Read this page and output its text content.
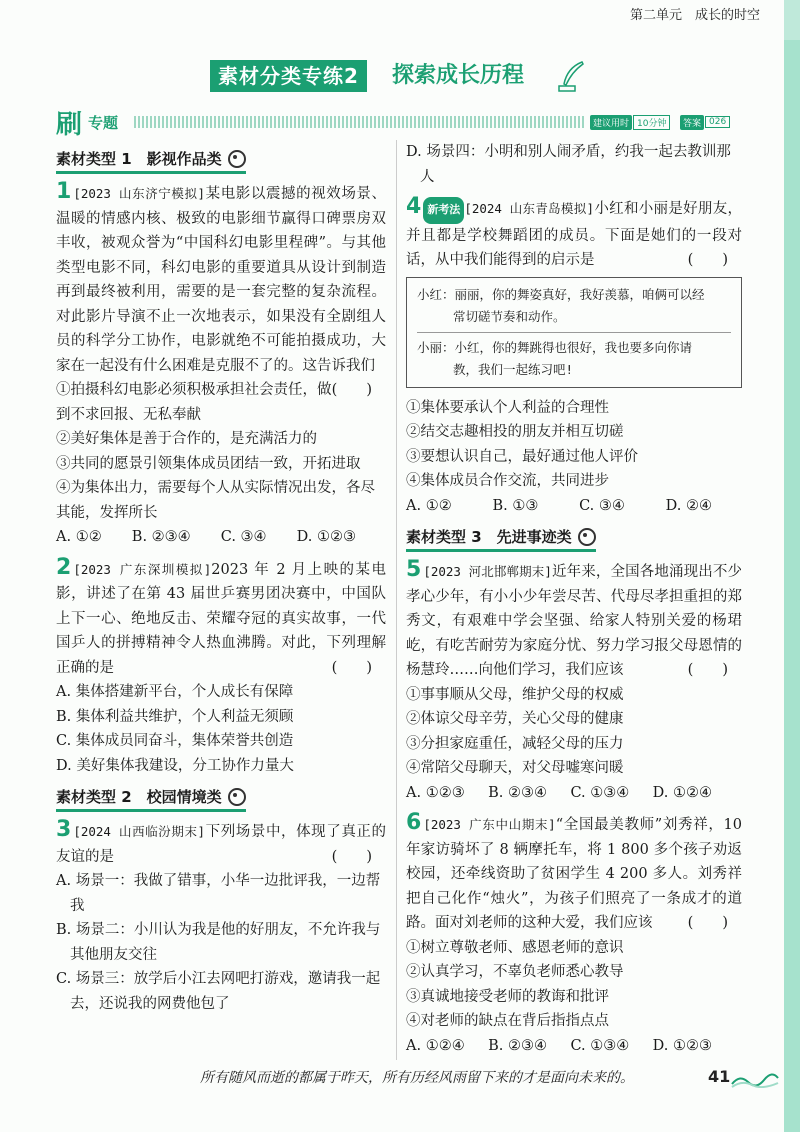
第二单元　成长的时空
素材分类专练2	探索成长历程
刷 专题	建议用时 10分钟	答案 026
素材类型 1　影视作品类

1 [2023 山东济宁模拟]某电影以震撼的视效场景、温暖的情感内核、极致的电影细节赢得口碑票房双丰收，被观众誉为“中国科幻电影里程碑”。与其他类型电影不同，科幻电影的重要道具从设计到制造再到最终被利用，需要的是一套完整的复杂流程。对此影片导演不止一次地表示，如果没有全剧组人员的科学分工协作，电影就绝不可能拍摄成功，大家在一起没有什么困难是克服不了的。这告诉我们
(　　)

①拍摄科幻电影必须积极承担社会责任，做到不求回报、无私奉献

②美好集体是善于合作的，是充满活力的

③共同的愿景引领集体成员团结一致，开拓进取

④为集体出力，需要每个人从实际情况出发，各尽其能，发挥所长

A. ①② B. ②③④ C. ③④ D. ①②③

2 [2023 广东深圳模拟]2023 年 2 月上映的某电影，讲述了在第 43 届世乒赛男团决赛中，中国队上下一心、绝地反击、荣耀夺冠的真实故事，一代国乒人的拼搏精神令人热血沸腾。对此，下列理解正确的是	(　　)

A. 集体搭建新平台，个人成长有保障

B. 集体利益共维护，个人利益无须顾

C. 集体成员同奋斗，集体荣誉共创造

D. 美好集体我建设，分工协作力量大

素材类型 2　校园情境类

3 [2024 山西临汾期末]下列场景中，体现了真正的友谊的是	(　　)

A. 场景一：我做了错事，小华一边批评我，一边帮我

B. 场景二：小川认为我是他的好朋友，不允许我与其他朋友交往

C. 场景三：放学后小江去网吧打游戏，邀请我一起去，还说我的网费他包了

D. 场景四：小明和别人闹矛盾，约我一起去教训那人

4 新考法 [2024 山东青岛模拟]小红和小丽是好朋友，并且都是学校舞蹈团的成员。下面是她们的一段对话，从中我们能得到的启示是	(　　)

小红：丽丽，你的舞姿真好，我好羡慕，咱俩可以经

常切磋节奏和动作。

小丽：小红，你的舞跳得也很好，我也要多向你请

教，我们一起练习吧!

①集体要承认个人利益的合理性

②结交志趣相投的朋友并相互切磋

③要想认识自己，最好通过他人评价

④集体成员合作交流，共同进步

A. ①②	B. ①③	C. ③④	D. ②④
素材类型 3　先进事迹类

5 [2023 河北邯郸期末]近年来，全国各地涌现出不少孝心少年，有小小少年尝尽苦、代母尽孝担重担的郑秀文，有艰难中学会坚强、给家人特别关爱的杨珺屹，有吃苦耐劳为家庭分忧、努力学习报父母恩情的杨慧玲……向他们学习，我们应该	(　　)

①事事顺从父母，维护父母的权威

②体谅父母辛劳，关心父母的健康

③分担家庭重任，减轻父母的压力

④常陪父母聊天，对父母嘘寒问暖

A. ①②③ B. ②③④ C. ①③④ D. ①②④

6 [2023 广东中山期末]“全国最美教师”刘秀祥，10 年家访骑坏了 8 辆摩托车，将 1 800 多个孩子劝返校园，还牵线资助了贫困学生 4 200 多人。刘秀祥把自己化作“烛火”，为孩子们照亮了一条成才的道路。面对刘老师的这种大爱，我们应该 (　　)

①树立尊敬老师、感恩老师的意识

②认真学习，不辜负老师悉心教导

③真诚地接受老师的教诲和批评

④对老师的缺点在背后指指点点

A. ①②④ B. ②③④ C. ①③④ D. ①②③
所有随风而逝的都属于昨天，所有历经风雨留下来的才是面向未来的。	41
